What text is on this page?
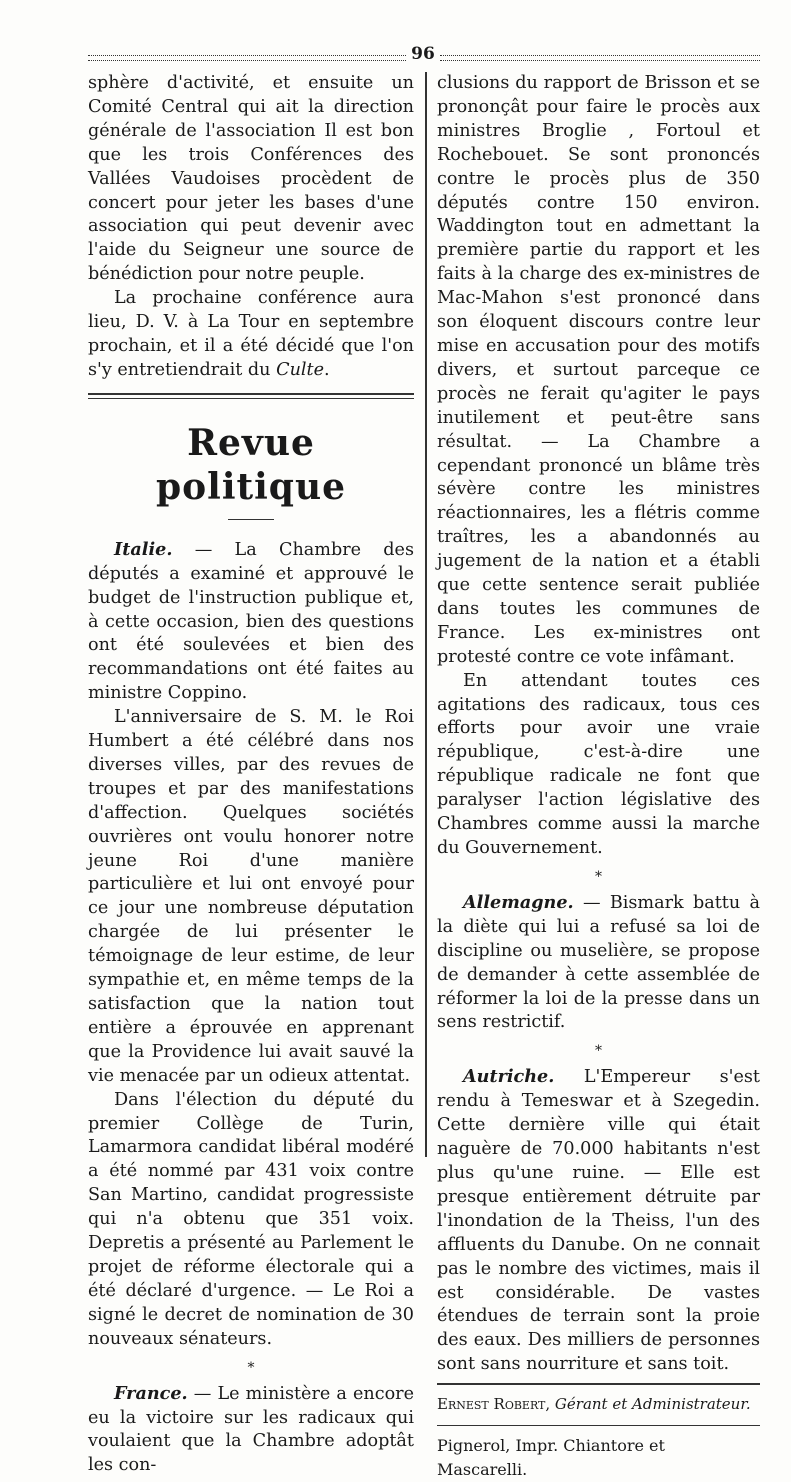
96

sphère d'activité, et ensuite un Comité Central qui ait la direction générale de l'association Il est bon que les trois Conférences des Vallées Vaudoises procèdent de concert pour jeter les bases d'une association qui peut devenir avec l'aide du Seigneur une source de bénédiction pour notre peuple.

La prochaine conférence aura lieu, D. V. à La Tour en septembre prochain, et il a été décidé que l'on s'y entretiendrait du Culte.

Revue politique

Italie. — La Chambre des députés a examiné et approuvé le budget de l'instruction publique et, à cette occasion, bien des questions ont été soulevées et bien des recommandations ont été faites au ministre Coppino.

L'anniversaire de S. M. le Roi Humbert a été célébré dans nos diverses villes, par des revues de troupes et par des manifestations d'affection. Quelques sociétés ouvrières ont voulu honorer notre jeune Roi d'une manière particulière et lui ont envoyé pour ce jour une nombreuse députation chargée de lui présenter le témoignage de leur estime, de leur sympathie et, en même temps de la satisfaction que la nation tout entière a éprouvée en apprenant que la Providence lui avait sauvé la vie menacée par un odieux attentat.

Dans l'élection du député du premier Collège de Turin, Lamarmora candidat libéral modéré a été nommé par 431 voix contre San Martino, candidat progressiste qui n'a obtenu que 351 voix. Depretis a présenté au Parlement le projet de réforme électorale qui a été déclaré d'urgence. — Le Roi a signé le decret de nomination de 30 nouveaux sénateurs.

*

France. — Le ministère a encore eu la victoire sur les radicaux qui voulaient que la Chambre adoptât les con-

clusions du rapport de Brisson et se prononçât pour faire le procès aux ministres Broglie , Fortoul et Rochebouet. Se sont prononcés contre le procès plus de 350 députés contre 150 environ. Waddington tout en admettant la première partie du rapport et les faits à la charge des ex-ministres de Mac-Mahon s'est prononcé dans son éloquent discours contre leur mise en accusation pour des motifs divers, et surtout parceque ce procès ne ferait qu'agiter le pays inutilement et peut-être sans résultat. — La Chambre a cependant prononcé un blâme très sévère contre les ministres réactionnaires, les a flétris comme traîtres, les a abandonnés au jugement de la nation et a établi que cette sentence serait publiée dans toutes les communes de France. Les ex-ministres ont protesté contre ce vote infâmant.

En attendant toutes ces agitations des radicaux, tous ces efforts pour avoir une vraie république, c'est-à-dire une république radicale ne font que paralyser l'action législative des Chambres comme aussi la marche du Gouvernement.

*

Allemagne. — Bismark battu à la diète qui lui a refusé sa loi de discipline ou muselière, se propose de demander à cette assemblée de réformer la loi de la presse dans un sens restrictif.

*

Autriche. L'Empereur s'est rendu à Temeswar et à Szegedin. Cette dernière ville qui était naguère de 70.000 habitants n'est plus qu'une ruine. — Elle est presque entièrement détruite par l'inondation de la Theiss, l'un des affluents du Danube. On ne connait pas le nombre des victimes, mais il est considérable. De vastes étendues de terrain sont la proie des eaux. Des milliers de personnes sont sans nourriture et sans toit.

Ernest Robert, Gérant et Administrateur.
Pignerol, Impr. Chiantore et Mascarelli.
